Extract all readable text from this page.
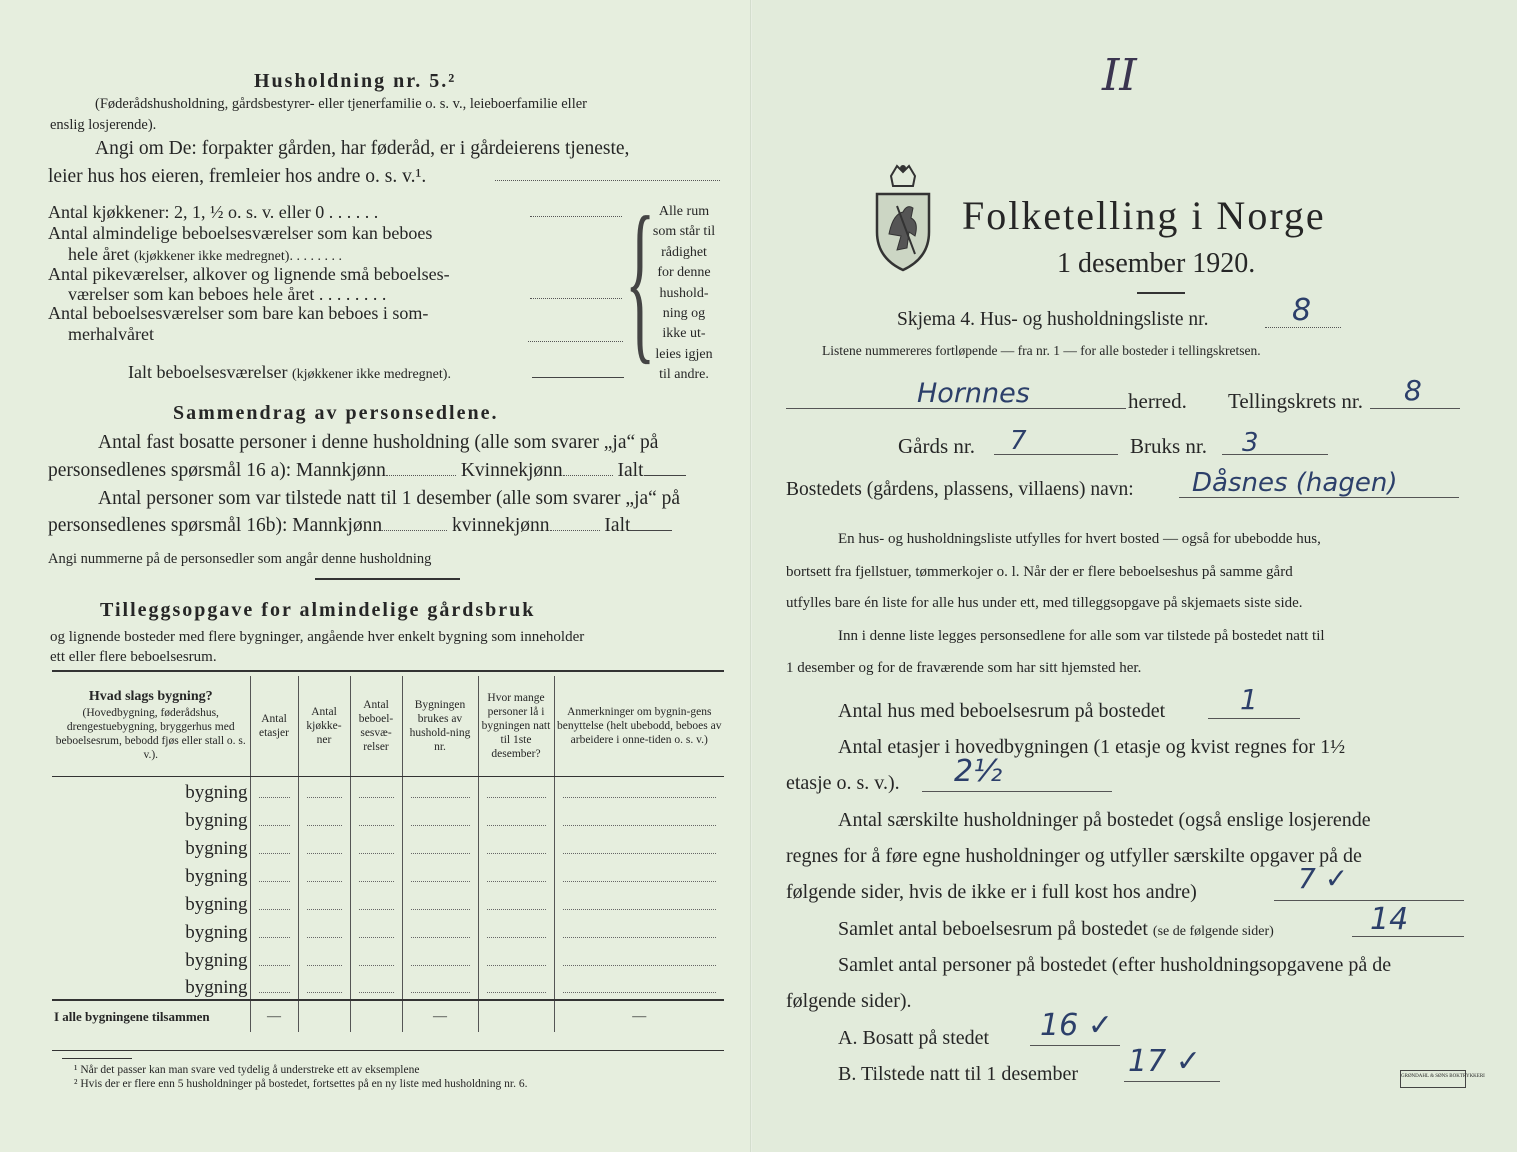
Husholdning nr. 5.²
(Føderådshusholdning, gårdsbestyrer- eller tjenerfamilie o. s. v., leieboerfamilie eller
enslig losjerende).
Angi om De: forpakter gården, har føderåd, er i gårdeierens tjeneste,
leier hus hos eieren, fremleier hos andre o. s. v.¹.
Antal kjøkkener: 2, 1, ½ o. s. v. eller 0 . . . . . .
Antal almindelige beboelsesværelser som kan beboes
hele året (kjøkkener ikke medregnet). . . . . . . .
Antal pikeværelser, alkover og lignende små beboelses-
værelser som kan beboes hele året . . . . . . . .
Antal beboelsesværelser som bare kan beboes i som-
merhalvåret
Ialt beboelsesværelser (kjøkkener ikke medregnet). { Alle rum
som står til
rådighet
for denne
hushold-
ning og
ikke ut-
leies igjen
til andre.
Sammendrag av personsedlene.
Antal fast bosatte personer i denne husholdning (alle som svarer „ja“ på
personsedlenes spørsmål 16 a): Mannkjønn	Kvinnekjønn	Ialt
Antal personer som var tilstede natt til 1 desember (alle som svarer „ja“ på
personsedlenes spørsmål 16b): Mannkjønn	kvinnekjønn	Ialt
Angi nummerne på de personsedler som angår denne husholdning
Tilleggsopgave for almindelige gårdsbruk
og lignende bosteder med flere bygninger, angående hver enkelt bygning som inneholder
ett eller flere beboelsesrum.
Hvad slags bygning?
(Hovedbygning, føderådshus, drengestuebygning, bryggerhus med beboelsesrum, bebodd fjøs eller stall o. s. v.).	Antal etasjer	Antal kjøkke-ner	Antal beboel-sesvæ-relser	Bygningen brukes av hushold-ning nr.	Hvor mange personer lå i bygningen natt til 1ste desember?	Anmerkninger om bygnin-gens benyttelse (helt ubebodd, beboes av arbeidere i onne-tiden o. s. v.)
bygning	

bygning	

bygning	

bygning	

bygning	

bygning	

bygning	

bygning	

I alle bygningene tilsammen	—			—		—
¹ Når det passer kan man svare ved tydelig å understreke ett av eksemplene
² Hvis der er flere enn 5 husholdninger på bostedet, fortsettes på en ny liste med husholdning nr. 6.
II
Folketelling i Norge
1 desember 1920.
Skjema 4. Hus- og husholdningsliste nr.	8
Listene nummereres fortløpende — fra nr. 1 — for alle bosteder i tellingskretsen.
Hornnes	herred. Tellingskrets nr. 8
Gårds nr. 7	Bruks nr. 3
Bostedets (gårdens, plassens, villaens) navn: Dåsnes (hagen)
En hus- og husholdningsliste utfylles for hvert bosted — også for ubebodde hus,
bortsett fra fjellstuer, tømmerkojer o. l. Når der er flere beboelseshus på samme gård
utfylles bare én liste for alle hus under ett, med tilleggsopgave på skjemaets siste side.
Inn i denne liste legges personsedlene for alle som var tilstede på bostedet natt til
1 desember og for de fraværende som har sitt hjemsted her.
Antal hus med beboelsesrum på bostedet	1
Antal etasjer i hovedbygningen (1 etasje og kvist regnes for 1½
etasje o. s. v.). 2½
Antal særskilte husholdninger på bostedet (også enslige losjerende
regnes for å føre egne husholdninger og utfyller særskilte opgaver på de
følgende sider, hvis de ikke er i full kost hos andre)	7 ✓
Samlet antal beboelsesrum på bostedet (se de følgende sider)	14
Samlet antal personer på bostedet (efter husholdningsopgavene på de
følgende sider).
A. Bosatt på stedet 16 ✓
B. Tilstede natt til 1 desember 17 ✓	GRØNDAHL & SØNS BOKTRYKKERI
